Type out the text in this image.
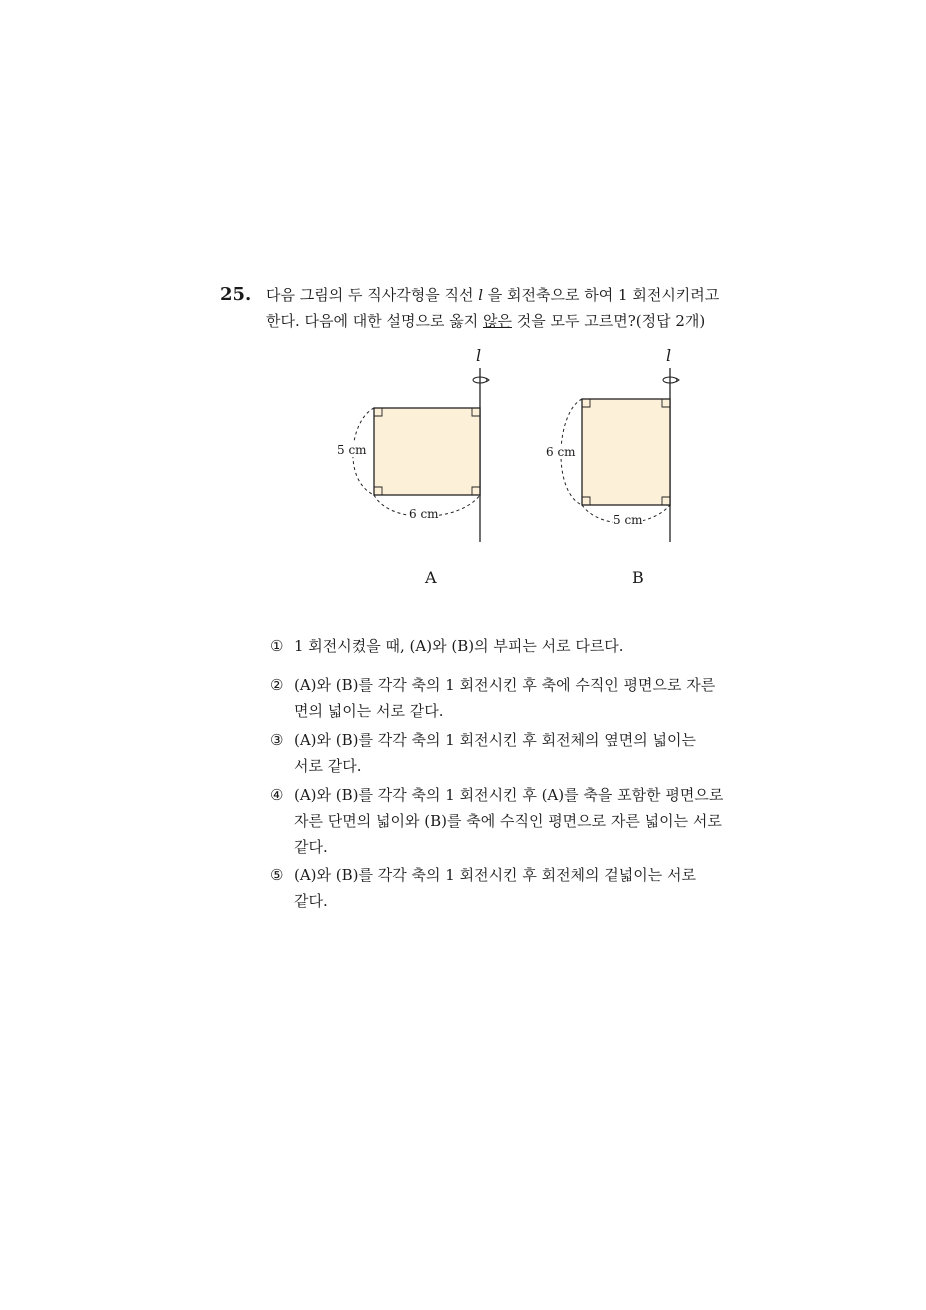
25. 다음 그림의 두 직사각형을 직선 l 을 회전축으로 하여 1 회전시키려고
한다. 다음에 대한 설명으로 옳지 않은 것을 모두 고르면?(정답 2개)
l	l
5 cm
6 cm
6 cm
5 cm
A	B
① 1 회전시켰을 때, (A)와 (B)의 부피는 서로 다르다.
② (A)와 (B)를 각각 축의 1 회전시킨 후 축에 수직인 평면으로 자른
면의 넓이는 서로 같다.
③ (A)와 (B)를 각각 축의 1 회전시킨 후 회전체의 옆면의 넓이는
서로 같다.
④ (A)와 (B)를 각각 축의 1 회전시킨 후 (A)를 축을 포함한 평면으로
자른 단면의 넓이와 (B)를 축에 수직인 평면으로 자른 넓이는 서로
같다.
⑤ (A)와 (B)를 각각 축의 1 회전시킨 후 회전체의 겉넓이는 서로
같다.
